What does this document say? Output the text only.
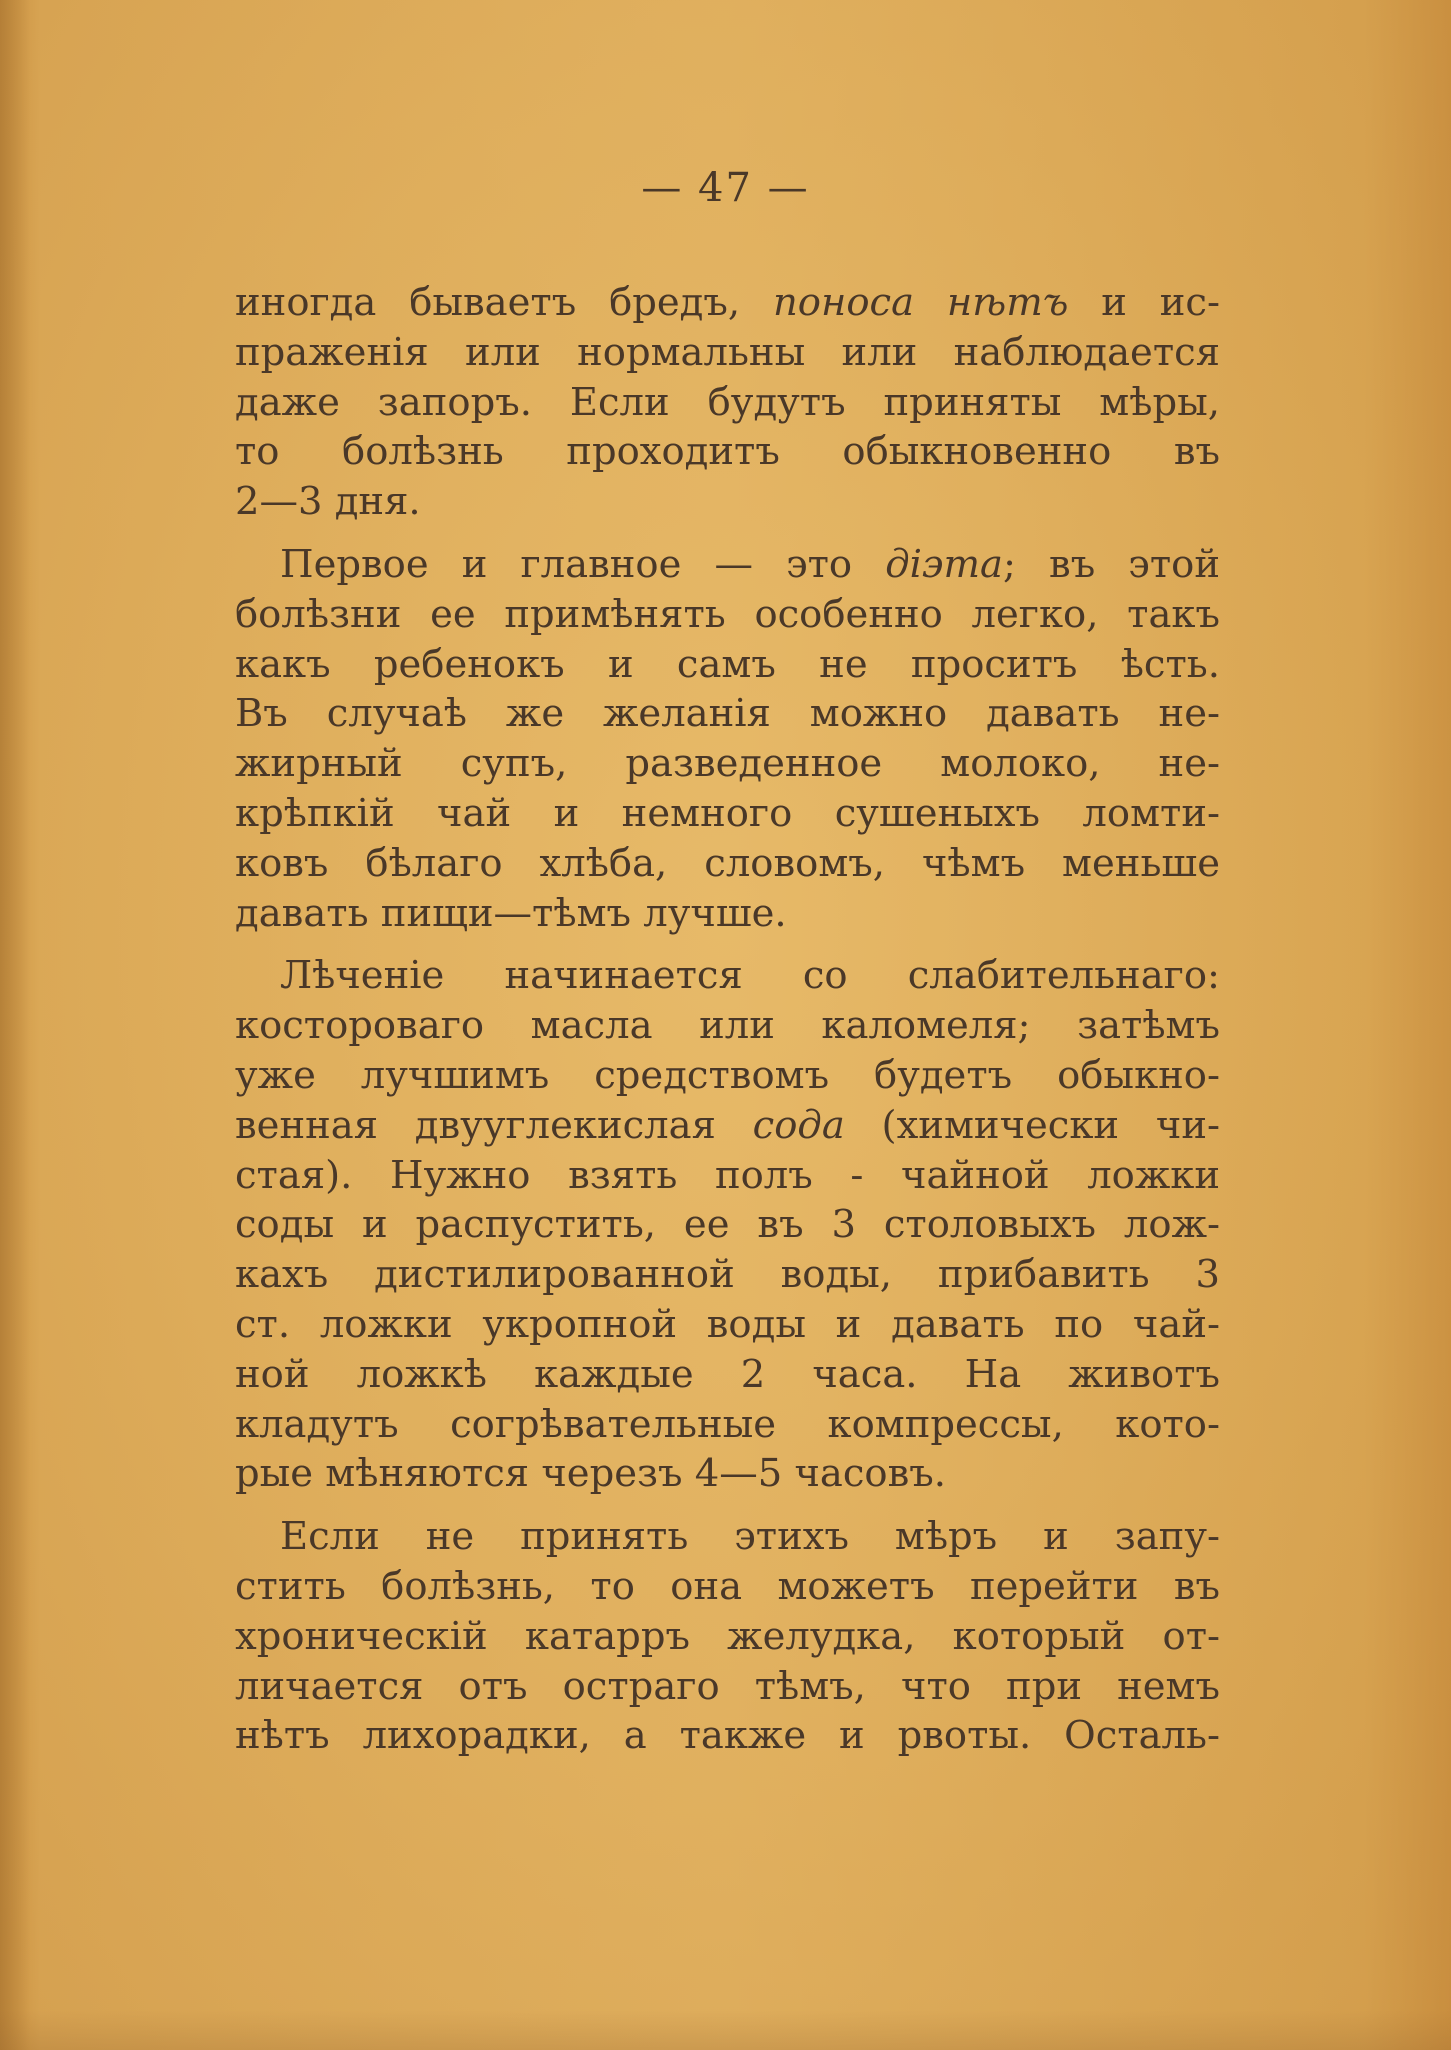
— 47 —
иногда бываетъ бредъ, поноса нѣтъ и ис-
праженія или нормальны или наблюдается
даже запоръ. Если будутъ приняты мѣры,
то болѣзнь проходитъ обыкновенно въ
2—3 дня.
Первое и главное — это діэта; въ этой
болѣзни ее примѣнять особенно легко, такъ
какъ ребенокъ и самъ не проситъ ѣсть.
Въ случаѣ же желанія можно давать не-
жирный супъ, разведенное молоко, не-
крѣпкій чай и немного сушеныхъ ломти-
ковъ бѣлаго хлѣба, словомъ, чѣмъ меньше
давать пищи—тѣмъ лучше.
Лѣченіе начинается со слабительнаго:
костороваго масла или каломеля; затѣмъ
уже лучшимъ средствомъ будетъ обыкно-
венная двууглекислая сода (химически чи-
стая). Нужно взять полъ - чайной ложки
соды и распустить, ее въ 3 столовыхъ лож-
кахъ дистилированной воды, прибавить 3
ст. ложки укропной воды и давать по чай-
ной ложкѣ каждые 2 часа. На животъ
кладутъ согрѣвательные компрессы, кото-
рые мѣняются черезъ 4—5 часовъ.
Если не принять этихъ мѣръ и запу-
стить болѣзнь, то она можетъ перейти въ
хроническій катарръ желудка, который от-
личается отъ остраго тѣмъ, что при немъ
нѣтъ лихорадки, а также и рвоты. Осталь-
